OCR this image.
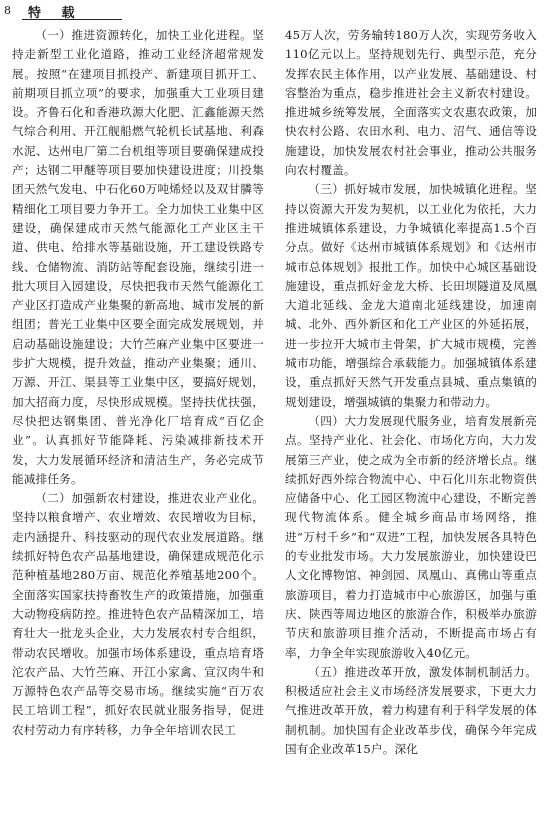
8 特 载

（一）推进资源转化，加快工业化进程。坚持走新型工业化道路，推动工业经济超常规发展。按照“在建项目抓投产、新建项目抓开工、前期项目抓立项”的要求，加强重大工业项目建设。齐鲁石化和香港玖源大化肥、汇鑫能源天然气综合利用、开江舰船燃气轮机长试基地、利森水泥、达州电厂第二台机组等项目要确保建成投产；达钢二甲醚等项目要加快建设进度；川投集团天然气发电、中石化60万吨烯烃以及双甘膦等精细化工项目要力争开工。全力加快工业集中区建设，确保建成市天然气能源化工产业区主干道、供电、给排水等基础设施，开工建设铁路专线、仓储物流、消防站等配套设施，继续引进一批大项目入园建设，尽快把我市天然气能源化工产业区打造成产业集聚的新高地、城市发展的新组团；普光工业集中区要全面完成发展规划，并启动基础设施建设；大竹苎麻产业集中区要进一步扩大规模，提升效益，推动产业集聚；通川、万源、开江、渠县等工业集中区，要搞好规划，加大招商力度，尽快形成规模。坚持扶优扶强，尽快把达钢集团、普光净化厂培育成“百亿企业”。认真抓好节能降耗、污染减排新技术开发，大力发展循环经济和清洁生产，务必完成节能减排任务。

（二）加强新农村建设，推进农业产业化。坚持以粮食增产、农业增效、农民增收为目标，走内涵提升、科技驱动的现代农业发展道路。继续抓好特色农产品基地建设，确保建成规范化示范种植基地280万亩、规范化养殖基地200个。全面落实国家扶持畜牧生产的政策措施，加强重大动物疫病防控。推进特色农产品精深加工，培育壮大一批龙头企业，大力发展农村专合组织，带动农民增收。加强市场体系建设，重点培育塔沱农产品、大竹苎麻、开江小家禽、宣汉肉牛和万源特色农产品等交易市场。继续实施“百万农民工培训工程”，抓好农民就业服务指导，促进农村劳动力有序转移，力争全年培训农民工

45万人次，劳务输转180万人次，实现劳务收入110亿元以上。坚持规划先行、典型示范，充分发挥农民主体作用，以产业发展、基础建设、村容整治为重点，稳步推进社会主义新农村建设。推进城乡统筹发展，全面落实文农惠农政策，加快农村公路、农田水利、电力、沼气、通信等设施建设，加快发展农村社会事业，推动公共服务向农村覆盖。

（三）抓好城市发展，加快城镇化进程。坚持以资源大开发为契机，以工业化为依托，大力推进城镇体系建设，力争城镇化率提高1.5个百分点。做好《达州市城镇体系规划》和《达州市城市总体规划》报批工作。加快中心城区基础设施建设，重点抓好金龙大桥、长田坝隧道及凤凰大道北延线、金龙大道南北延线建设，加速南城、北外、西外新区和化工产业区的外延拓展，进一步拉开大城市主骨架，扩大城市规模，完善城市功能，增强综合承载能力。加强城镇体系建设，重点抓好天然气开发重点县城、重点集镇的规划建设，增强城镇的集聚力和带动力。

（四）大力发展现代服务业，培育发展新亮点。坚持产业化、社会化、市场化方向，大力发展第三产业，使之成为全市新的经济增长点。继续抓好西外综合物流中心、中石化川东北物资供应储备中心、化工园区物流中心建设，不断完善现代物流体系。健全城乡商品市场网络，推进“万村千乡”和“双进”工程，加快发展各具特色的专业批发市场。大力发展旅游业，加快建设巴人文化博物馆、神剑园、凤凰山、真佛山等重点旅游项目，着力打造城市中心旅游区，加强与重庆、陕西等周边地区的旅游合作，积极举办旅游节庆和旅游项目推介活动，不断提高市场占有率，力争全年实现旅游收入40亿元。

（五）推进改革开放，激发体制机制活力。积极适应社会主义市场经济发展要求，下更大力气推进改革开放，着力构建有利于科学发展的体制机制。加快国有企业改革步伐，确保今年完成国有企业改革15户。深化
